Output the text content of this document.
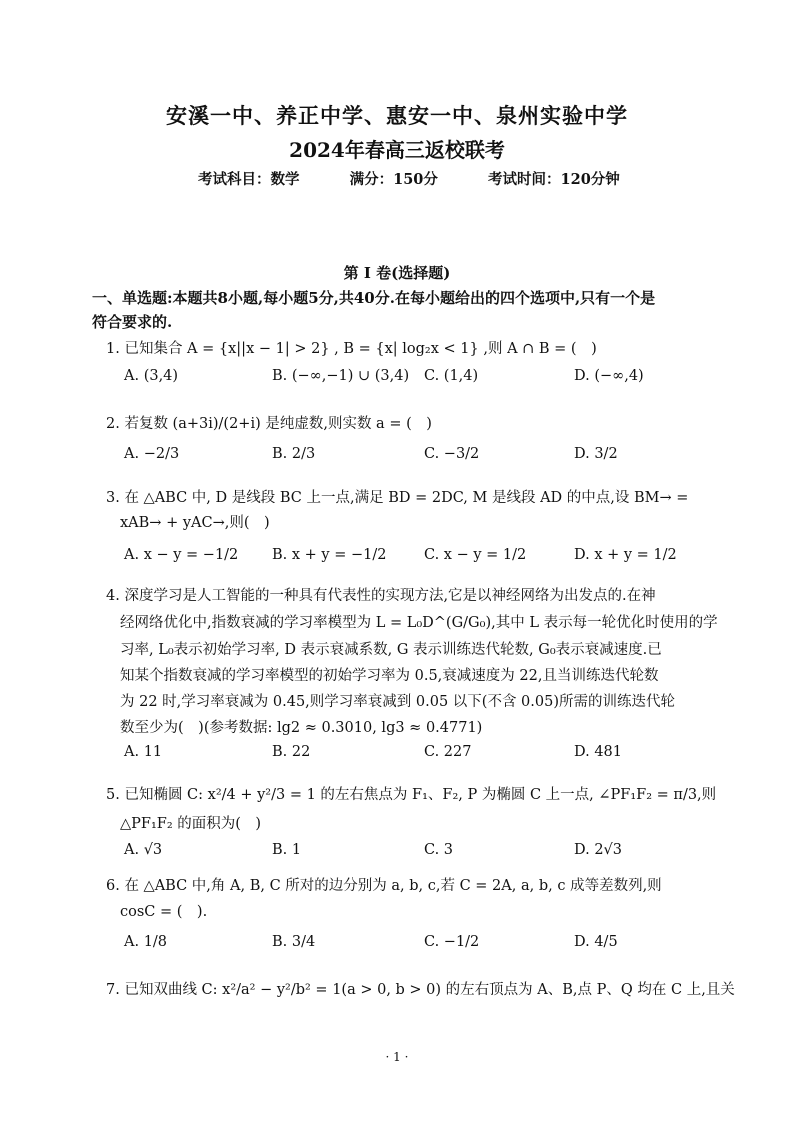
安溪一中、养正中学、惠安一中、泉州实验中学
2024年春高三返校联考
考试科目：数学	满分：150分	考试时间：120分钟
第 I 卷(选择题)
一、单选题:本题共8小题,每小题5分,共40分.在每小题给出的四个选项中,只有一个是
符合要求的.
1. 已知集合 A = {x||x − 1| > 2} , B = {x| log₂x < 1} ,则 A ∩ B = (　)
A. (3,4)	B. (−∞,−1) ∪ (3,4) C. (1,4)	D. (−∞,4)
2. 若复数 (a+3i)/(2+i) 是纯虚数,则实数 a = (　)
A. −2/3	B. 2/3	C. −3/2	D. 3/2
3. 在 △ABC 中, D 是线段 BC 上一点,满足 BD = 2DC, M 是线段 AD 的中点,设 BM→ =
xAB→ + yAC→,则(　)
A. x − y = −1/2 B. x + y = −1/2	C. x − y = 1/2	D. x + y = 1/2
4. 深度学习是人工智能的一种具有代表性的实现方法,它是以神经网络为出发点的.在神
经网络优化中,指数衰减的学习率模型为 L = L₀D^(G/G₀),其中 L 表示每一轮优化时使用的学
习率, L₀表示初始学习率, D 表示衰减系数, G 表示训练迭代轮数, G₀表示衰减速度.已
知某个指数衰减的学习率模型的初始学习率为 0.5,衰减速度为 22,且当训练迭代轮数
为 22 时,学习率衰减为 0.45,则学习率衰减到 0.05 以下(不含 0.05)所需的训练迭代轮
数至少为(　)(参考数据: lg2 ≈ 0.3010, lg3 ≈ 0.4771)
A. 11	B. 22	C. 227	D. 481
5. 已知椭圆 C: x²/4 + y²/3 = 1 的左右焦点为 F₁、F₂, P 为椭圆 C 上一点, ∠PF₁F₂ = π/3,则
△PF₁F₂ 的面积为(　)
A. √3	B. 1	C. 3	D. 2√3
6. 在 △ABC 中,角 A, B, C 所对的边分别为 a, b, c,若 C = 2A, a, b, c 成等差数列,则
cosC = (　).
A. 1/8	B. 3/4	C. −1/2	D. 4/5
7. 已知双曲线 C: x²/a² − y²/b² = 1(a > 0, b > 0) 的左右顶点为 A、B,点 P、Q 均在 C 上,且关
· 1 ·
